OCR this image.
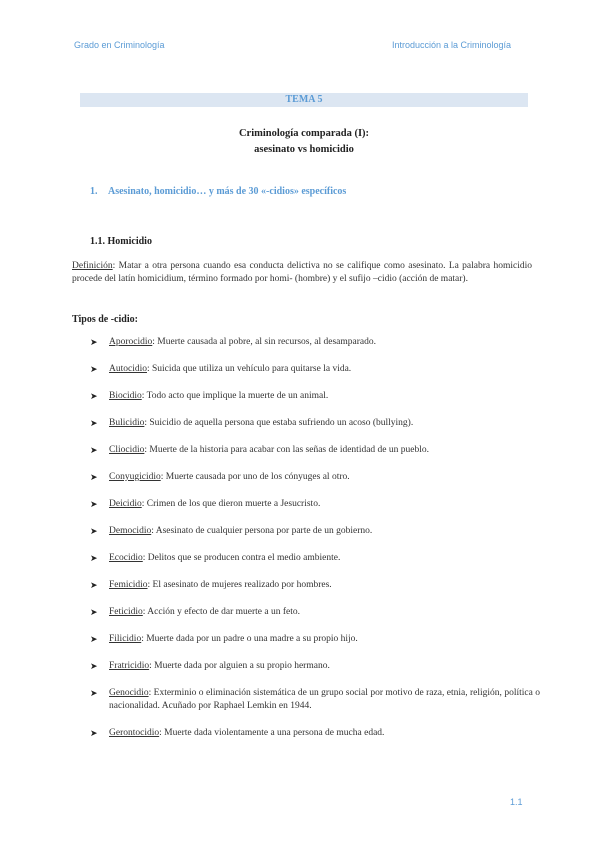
Grado en Criminología	Introducción a la Criminología
TEMA 5
Criminología comparada (I):
asesinato vs homicidio
1. Asesinato, homicidio… y más de 30 «-cidios» específicos
1.1. Homicidio
Definición: Matar a otra persona cuando esa conducta delictiva no se califique como asesinato. La palabra homicidio procede del latín homicidium, término formado por homi- (hombre) y el sufijo –cidio (acción de matar).
Tipos de -cidio:
➤ Aporocidio: Muerte causada al pobre, al sin recursos, al desamparado.
➤ Autocidio: Suicida que utiliza un vehículo para quitarse la vida.
➤ Biocidio: Todo acto que implique la muerte de un animal.
➤ Bulicidio: Suicidio de aquella persona que estaba sufriendo un acoso (bullying).
➤ Cliocidio: Muerte de la historia para acabar con las señas de identidad de un pueblo.
➤ Conyugicidio: Muerte causada por uno de los cónyuges al otro.
➤ Deicidio: Crimen de los que dieron muerte a Jesucristo.
➤ Democidio: Asesinato de cualquier persona por parte de un gobierno.
➤ Ecocidio: Delitos que se producen contra el medio ambiente.
➤ Femicidio: El asesinato de mujeres realizado por hombres.
➤ Feticidio: Acción y efecto de dar muerte a un feto.
➤ Filicidio: Muerte dada por un padre o una madre a su propio hijo.
➤ Fratricidio: Muerte dada por alguien a su propio hermano.
➤ Genocidio: Exterminio o eliminación sistemática de un grupo social por motivo de raza, etnia, religión, política o nacionalidad. Acuñado por Raphael Lemkin en 1944.
➤ Gerontocidio: Muerte dada violentamente a una persona de mucha edad.
1.1
